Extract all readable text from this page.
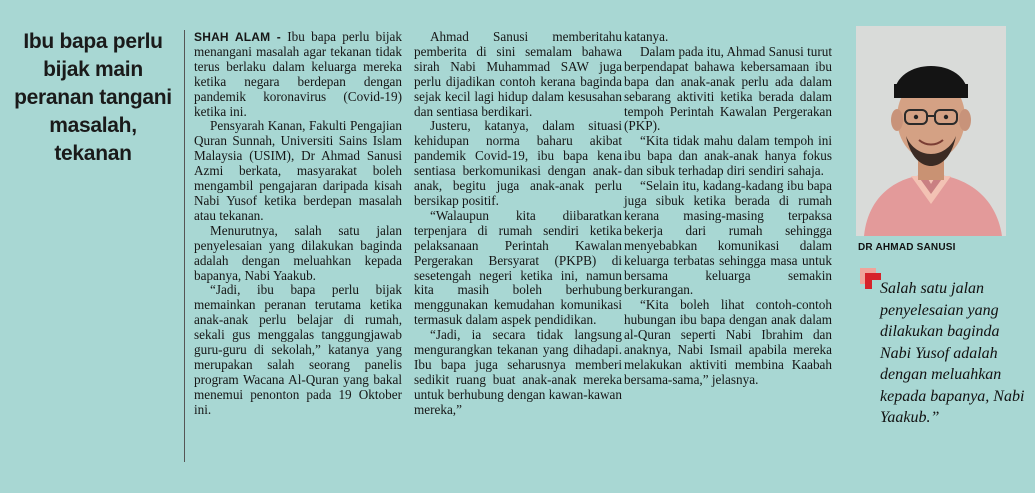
Ibu bapa perlu bijak main peranan tangani masalah, tekanan

SHAH ALAM - Ibu bapa perlu bijak menangani masalah agar tekanan tidak terus berlaku dalam keluarga mereka ketika negara berdepan dengan pandemik koronavirus (Covid-19) ketika ini.

Pensyarah Kanan, Fakulti Pengajian Quran Sunnah, Universiti Sains Islam Malaysia (USIM), Dr Ahmad Sanusi Azmi berkata, masyarakat boleh mengambil pengajaran daripada kisah Nabi Yusof ketika berdepan masalah atau tekanan.

Menurutnya, salah satu jalan penyelesaian yang dilakukan baginda adalah dengan meluahkan kepada bapanya, Nabi Yaakub.

“Jadi, ibu bapa perlu bijak memainkan peranan terutama ketika anak-anak perlu belajar di rumah, sekali gus menggalas tanggungjawab guru-guru di sekolah,” katanya yang merupakan salah seorang panelis program Wacana Al-Quran yang bakal menemui penonton pada 19 Oktober ini.

Ahmad Sanusi memberitahu pemberita di sini semalam bahawa sirah Nabi Muhammad SAW juga perlu dijadikan contoh kerana baginda sejak kecil lagi hidup dalam kesusahan dan sentiasa berdikari.

Justeru, katanya, dalam situasi kehidupan norma baharu akibat pandemik Covid-19, ibu bapa kena sentiasa berkomunikasi dengan anak-anak, begitu juga anak-anak perlu bersikap positif.

“Walaupun kita diibaratkan terpenjara di rumah sendiri ketika pelaksanaan Perintah Kawalan Pergerakan Bersyarat (PKPB) di sesetengah negeri ketika ini, namun kita masih boleh berhubung menggunakan kemudahan komunikasi termasuk dalam aspek pendidikan.

“Jadi, ia secara tidak langsung mengurangkan tekanan yang dihadapi. Ibu bapa juga seharusnya memberi sedikit ruang buat anak-anak mereka untuk berhubung dengan kawan-kawan mereka,”

katanya.

Dalam pada itu, Ahmad Sanusi turut berpendapat bahawa kebersamaan ibu bapa dan anak-anak perlu ada dalam sebarang aktiviti ketika berada dalam tempoh Perintah Kawalan Pergerakan (PKP).

“Kita tidak mahu dalam tempoh ini ibu bapa dan anak-anak hanya fokus dan sibuk terhadap diri sendiri sahaja.

“Selain itu, kadang-kadang ibu bapa juga sibuk ketika berada di rumah kerana masing-masing terpaksa bekerja dari rumah sehingga menyebabkan komunikasi dalam keluarga terbatas sehingga masa untuk bersama keluarga semakin berkurangan.

“Kita boleh lihat contoh-contoh hubungan ibu bapa dengan anak dalam al-Quran seperti Nabi Ibrahim dan anaknya, Nabi Ismail apabila mereka melakukan aktiviti membina Kaabah bersama-sama,” jelasnya.

DR AHMAD SANUSI
Salah satu jalan penyelesaian yang dilakukan baginda Nabi Yusof adalah dengan meluahkan kepada bapanya, Nabi Yaakub.”
